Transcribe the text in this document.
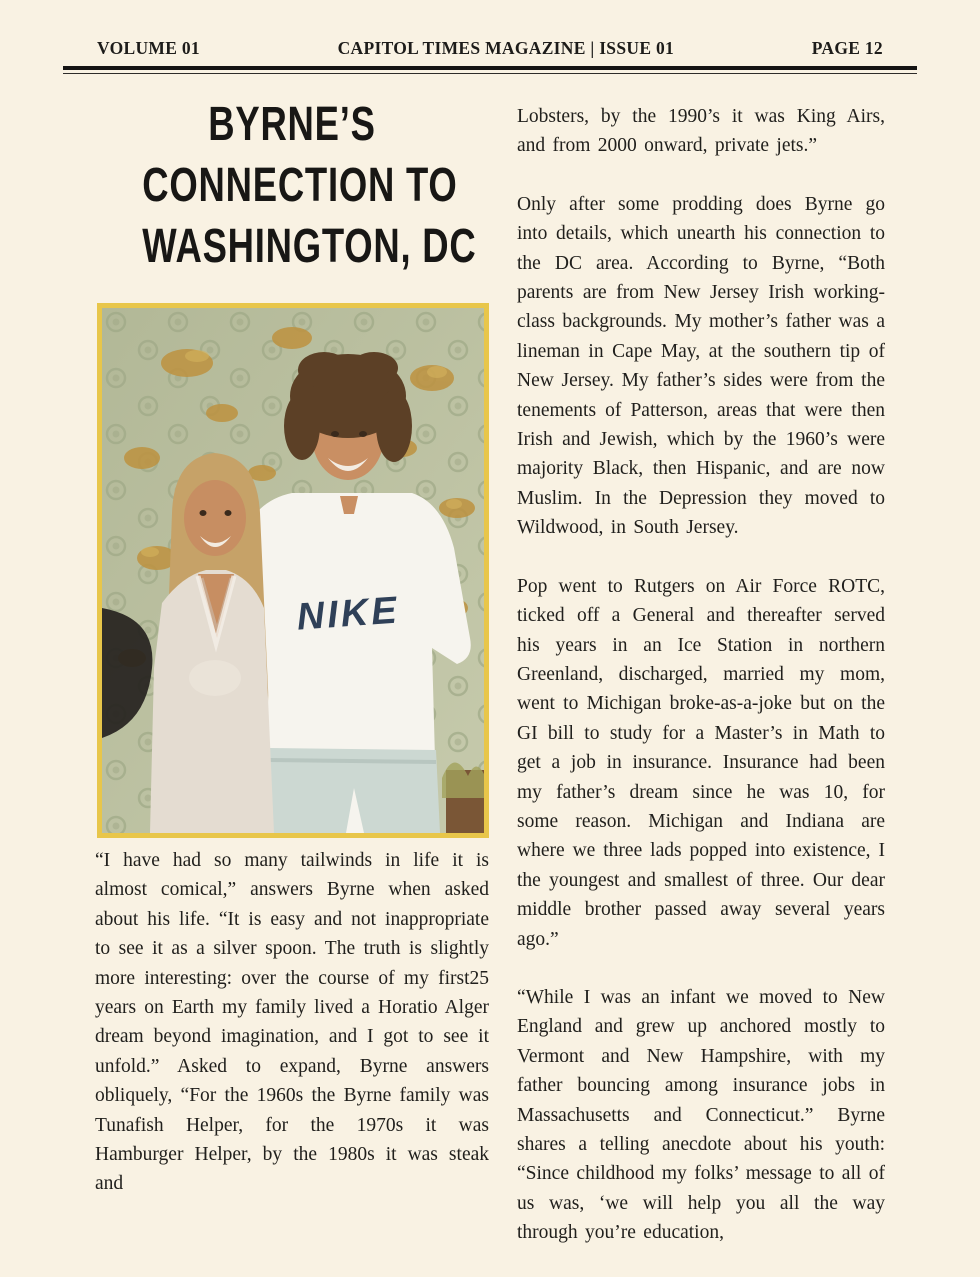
VOLUME 01	CAPITOL TIMES MAGAZINE | ISSUE 01	PAGE 12
BYRNE’S
CONNECTION TO
WASHINGTON, DC
NIKE

“I have had so many tailwinds in life it is almost comical,” answers Byrne when asked about his life. “It is easy and not inappropriate to see it as a silver spoon. The truth is slightly more interesting: over the course of my first25 years on Earth my family lived a Horatio Alger dream beyond imagination, and I got to see it unfold.” Asked to expand, Byrne answers obliquely, “For the 1960s the Byrne family was Tunafish Helper, for the 1970s it was Hamburger Helper, by the 1980s it was steak and

Lobsters, by the 1990’s it was King Airs, and from 2000 onward, private jets.”

Only after some prodding does Byrne go into details, which unearth his connection to the DC area. According to Byrne, “Both parents are from New Jersey Irish working-class backgrounds. My mother’s father was a lineman in Cape May, at the southern tip of New Jersey. My father’s sides were from the tenements of Patterson, areas that were then Irish and Jewish, which by the 1960’s were majority Black, then Hispanic, and are now Muslim. In the Depression they moved to Wildwood, in South Jersey.

Pop went to Rutgers on Air Force ROTC, ticked off a General and thereafter served his years in an Ice Station in northern Greenland, discharged, married my mom, went to Michigan broke-as-a-joke but on the GI bill to study for a Master’s in Math to get a job in insurance. Insurance had been my father’s dream since he was 10, for some reason. Michigan and Indiana are where we three lads popped into existence, I the youngest and smallest of three. Our dear middle brother passed away several years ago.”

“While I was an infant we moved to New England and grew up anchored mostly to Vermont and New Hampshire, with my father bouncing among insurance jobs in Massachusetts and Connecticut.” Byrne shares a telling anecdote about his youth: “Since childhood my folks’ message to all of us was, ‘we will help you all the way through you’re education,
